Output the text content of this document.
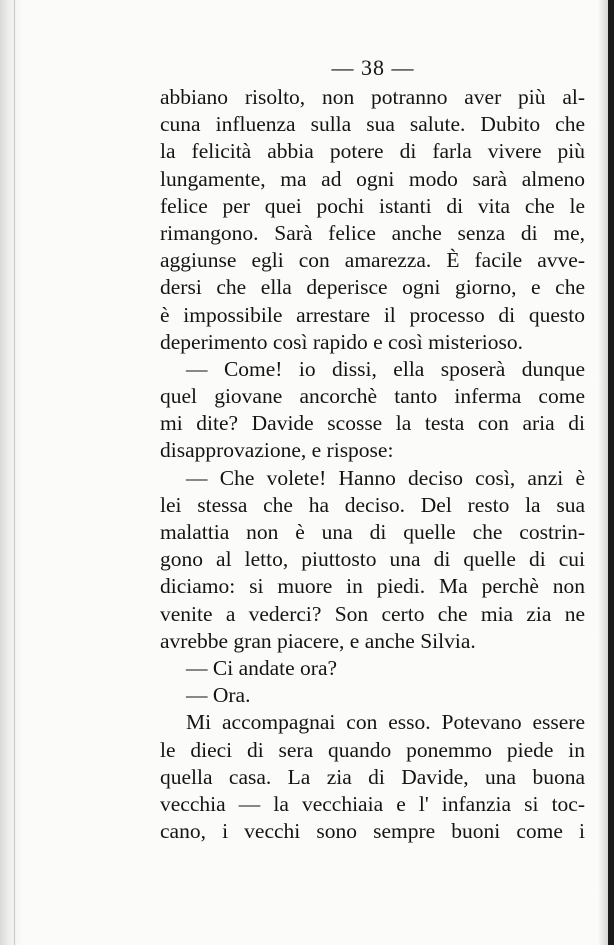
— 38 —
abbiano risolto, non potranno aver più al-
cuna influenza sulla sua salute. Dubito che
la felicità abbia potere di farla vivere più
lungamente, ma ad ogni modo sarà almeno
felice per quei pochi istanti di vita che le
rimangono. Sarà felice anche senza di me,
aggiunse egli con amarezza. È facile avve-
dersi che ella deperisce ogni giorno, e che
è impossibile arrestare il processo di questo
deperimento così rapido e così misterioso.
— Come! io dissi, ella sposerà dunque
quel giovane ancorchè tanto inferma come
mi dite? Davide scosse la testa con aria di
disapprovazione, e rispose:
— Che volete! Hanno deciso così, anzi è
lei stessa che ha deciso. Del resto la sua
malattia non è una di quelle che costrin-
gono al letto, piuttosto una di quelle di cui
diciamo: si muore in piedi. Ma perchè non
venite a vederci? Son certo che mia zia ne
avrebbe gran piacere, e anche Silvia.
— Ci andate ora?
— Ora.
Mi accompagnai con esso. Potevano essere
le dieci di sera quando ponemmo piede in
quella casa. La zia di Davide, una buona
vecchia — la vecchiaia e l' infanzia si toc-
cano, i vecchi sono sempre buoni come i
